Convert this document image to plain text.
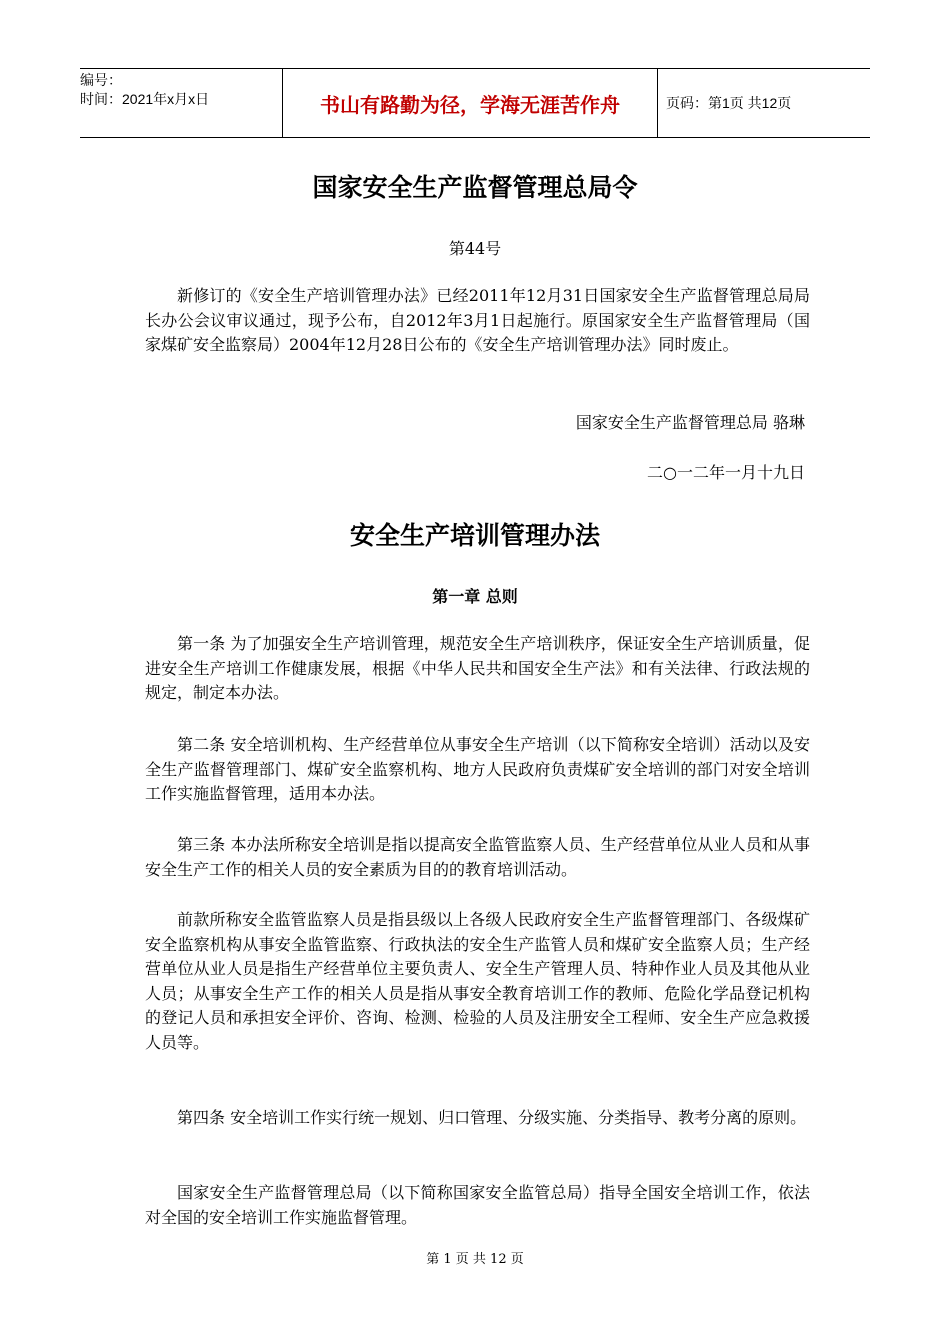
编号：
时间：2021年x月x日	书山有路勤为径，学海无涯苦作舟	页码：第1页 共12页
国家安全生产监督管理总局令
第44号

新修订的《安全生产培训管理办法》已经2011年12月31日国家安全生产监督管理总局局长办公会议审议通过，现予公布，自2012年3月1日起施行。原国家安全生产监督管理局（国家煤矿安全监察局）2004年12月28日公布的《安全生产培训管理办法》同时废止。

国家安全生产监督管理总局 骆琳
二○一二年一月十九日
安全生产培训管理办法
第一章 总则

第一条 为了加强安全生产培训管理，规范安全生产培训秩序，保证安全生产培训质量，促进安全生产培训工作健康发展，根据《中华人民共和国安全生产法》和有关法律、行政法规的规定，制定本办法。

第二条 安全培训机构、生产经营单位从事安全生产培训（以下简称安全培训）活动以及安全生产监督管理部门、煤矿安全监察机构、地方人民政府负责煤矿安全培训的部门对安全培训工作实施监督管理，适用本办法。

第三条 本办法所称安全培训是指以提高安全监管监察人员、生产经营单位从业人员和从事安全生产工作的相关人员的安全素质为目的的教育培训活动。

前款所称安全监管监察人员是指县级以上各级人民政府安全生产监督管理部门、各级煤矿安全监察机构从事安全监管监察、行政执法的安全生产监管人员和煤矿安全监察人员；生产经营单位从业人员是指生产经营单位主要负责人、安全生产管理人员、特种作业人员及其他从业人员；从事安全生产工作的相关人员是指从事安全教育培训工作的教师、危险化学品登记机构的登记人员和承担安全评价、咨询、检测、检验的人员及注册安全工程师、安全生产应急救援人员等。

第四条 安全培训工作实行统一规划、归口管理、分级实施、分类指导、教考分离的原则。

国家安全生产监督管理总局（以下简称国家安全监管总局）指导全国安全培训工作，依法对全国的安全培训工作实施监督管理。

第 1 页 共 12 页
